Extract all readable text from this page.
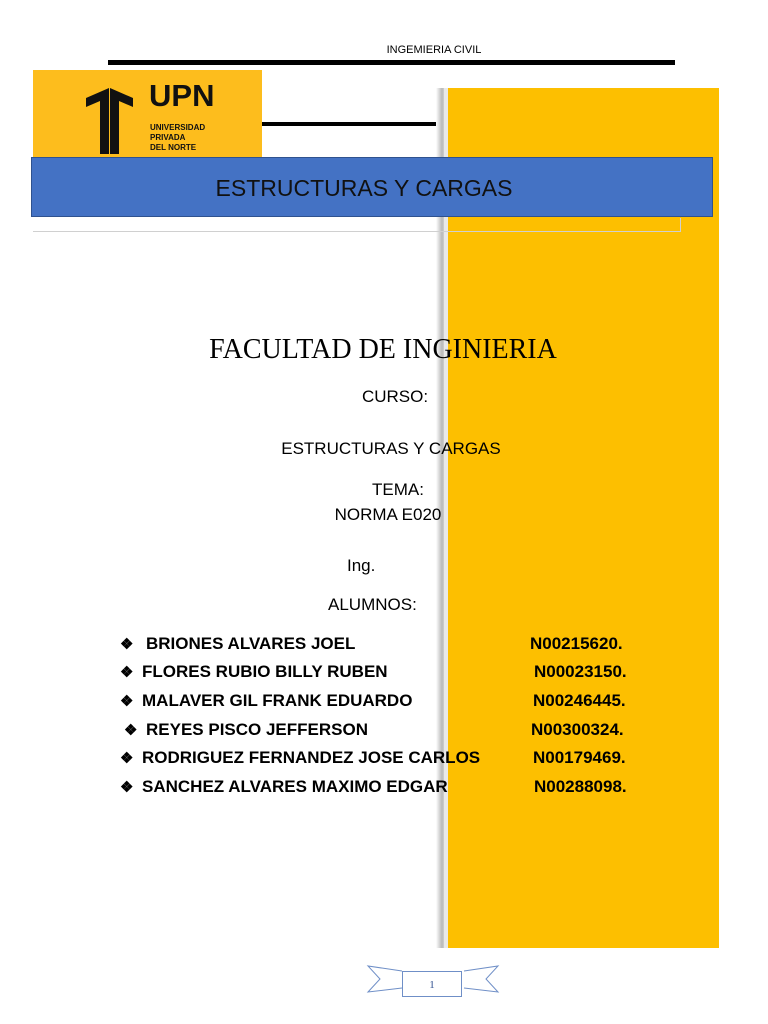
INGEMIERIA CIVIL
UPN
UNIVERSIDAD
PRIVADA
DEL NORTE
ESTRUCTURAS Y CARGAS
FACULTAD DE INGINIERIA
CURSO:
ESTRUCTURAS Y CARGAS
TEMA:
NORMA E020
Ing.
ALUMNOS:
❖ BRIONES ALVARES JOEL	N00215620.
❖ FLORES RUBIO BILLY RUBEN	N00023150.
❖ MALAVER GIL FRANK EDUARDO	N00246445.
❖ REYES PISCO JEFFERSON	N00300324.
❖ RODRIGUEZ FERNANDEZ JOSE CARLOS	N00179469.
❖ SANCHEZ ALVARES MAXIMO EDGAR	N00288098.
1
